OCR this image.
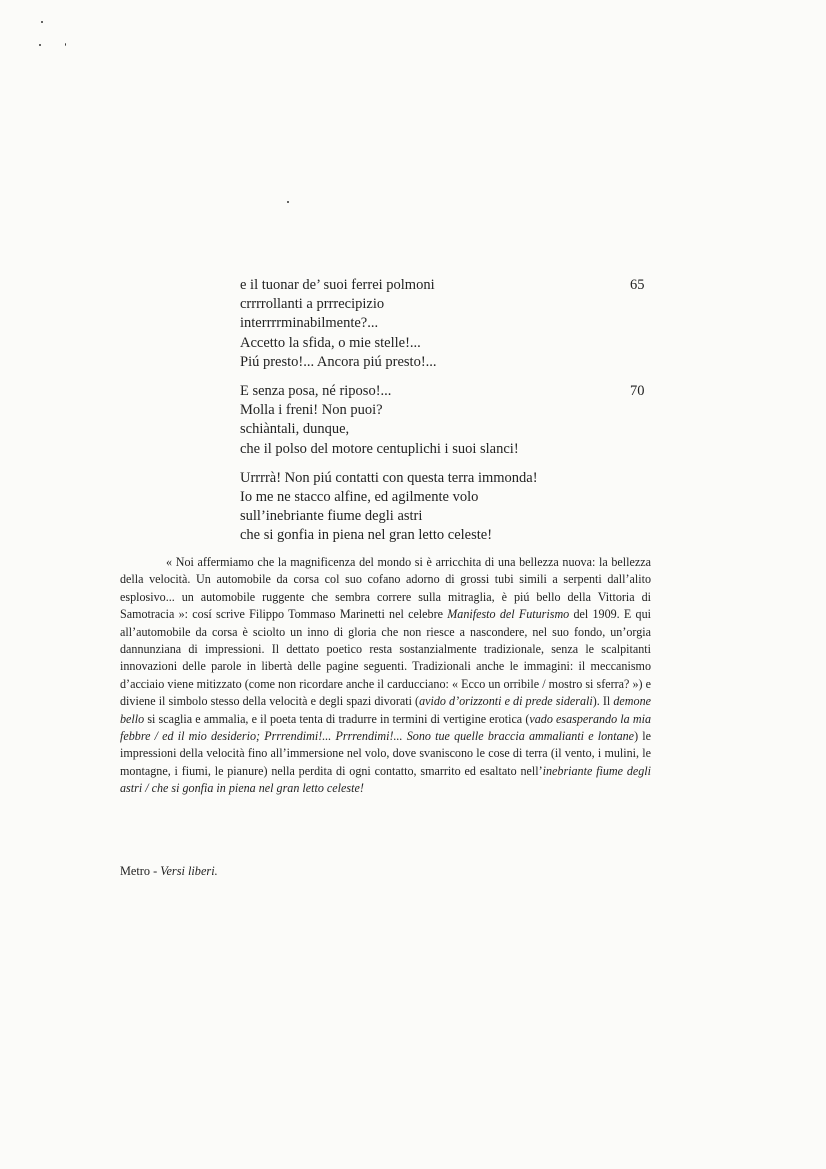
e il tuonar de’ suoi ferrei polmoni	65
crrrrollanti a prrrecipizio
interrrrminabilmente?...
Accetto la sfida, o mie stelle!...
Piú presto!... Ancora piú presto!...
E senza posa, né riposo!...	70
Molla i freni! Non puoi?
schiàntali, dunque,
che il polso del motore centuplichi i suoi slanci!
Urrrrà! Non piú contatti con questa terra immonda!
Io me ne stacco alfine, ed agilmente volo
sull’inebriante fiume degli astri
che si gonfia in piena nel gran letto celeste!

« Noi affermiamo che la magnificenza del mondo si è arricchita di una bellezza nuova: la bellezza della velocità. Un automobile da corsa col suo cofano adorno di grossi tubi simili a serpenti dall’alito esplosivo... un automobile ruggente che sembra correre sulla mitraglia, è piú bello della Vittoria di Samotracia »: cosí scrive Filippo Tommaso Marinetti nel celebre Manifesto del Futurismo del 1909. E qui all’automobile da corsa è sciolto un inno di gloria che non riesce a nascondere, nel suo fondo, un’orgia dannunziana di impressioni. Il dettato poetico resta sostanzialmente tradizionale, senza le scalpitanti innovazioni delle parole in libertà delle pagine seguenti. Tradizionali anche le immagini: il meccanismo d’acciaio viene mitizzato (come non ricordare anche il carducciano: « Ecco un orribile / mostro si sferra? ») e diviene il simbolo stesso della velocità e degli spazi divorati (avido d’orizzonti e di prede siderali). Il demone bello si scaglia e ammalia, e il poeta tenta di tradurre in termini di vertigine erotica (vado esasperando la mia febbre / ed il mio desiderio; Prrrendimi!... Prrrendimi!... Sono tue quelle braccia ammalianti e lontane) le impressioni della velocità fino all’immersione nel volo, dove svaniscono le cose di terra (il vento, i mulini, le montagne, i fiumi, le pianure) nella perdita di ogni contatto, smarrito ed esaltato nell’inebriante fiume degli astri / che si gonfia in piena nel gran letto celeste!

Metro - Versi liberi.
